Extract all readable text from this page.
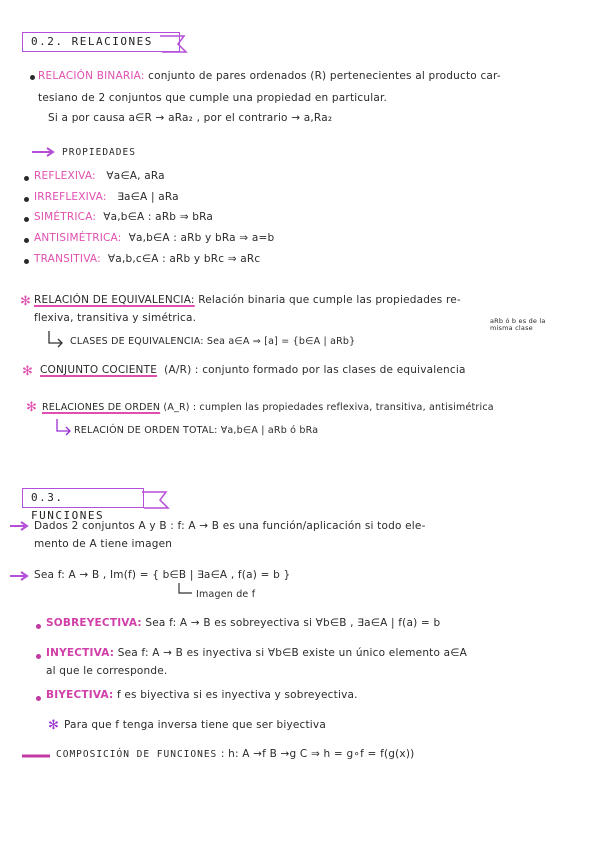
0.2. RELACIONES
RELACIÓN BINARIA: conjunto de pares ordenados (R) pertenecientes al producto car-
tesiano de 2 conjuntos que cumple una propiedad en particular.
Si a por causa a∈R → aRa₂ , por el contrario → a,Ra₂
PROPIEDADES
REFLEXIVA: ∀a∈A, aRa
IRREFLEXIVA: ∃a∈A | aRa
SIMÉTRICA: ∀a,b∈A : aRb ⇒ bRa
ANTISIMÉTRICA: ∀a,b∈A : aRb y bRa ⇒ a=b
TRANSITIVA: ∀a,b,c∈A : aRb y bRc ⇒ aRc
✻ RELACIÓN DE EQUIVALENCIA: Relación binaria que cumple las propiedades re-
flexiva, transitiva y simétrica.
CLASES DE EQUIVALENCIA: Sea a∈A ⇒ [a] = {b∈A | aRb}
aRb ó b es de la misma clase
✻ CONJUNTO COCIENTE (A/R) : conjunto formado por las clases de equivalencia
✻ RELACIONES DE ORDEN (A_R) : cumplen las propiedades reflexiva, transitiva, antisimétrica
RELACIÓN DE ORDEN TOTAL: ∀a,b∈A | aRb ó bRa
0.3. FUNCIONES
Dados 2 conjuntos A y B : f: A → B es una función/aplicación si todo ele-
mento de A tiene imagen
Sea f: A → B , Im(f) = { b∈B | ∃a∈A , f(a) = b }
Imagen de f
SOBREYECTIVA: Sea f: A → B es sobreyectiva si ∀b∈B , ∃a∈A | f(a) = b
INYECTIVA: Sea f: A → B es inyectiva si ∀b∈B existe un único elemento a∈A
al que le corresponde.
BIYECTIVA: f es biyectiva si es inyectiva y sobreyectiva.
✻ Para que f tenga inversa tiene que ser biyectiva
COMPOSICIÓN DE FUNCIONES : h: A →f B →g C ⇒ h = g∘f = f(g(x))
